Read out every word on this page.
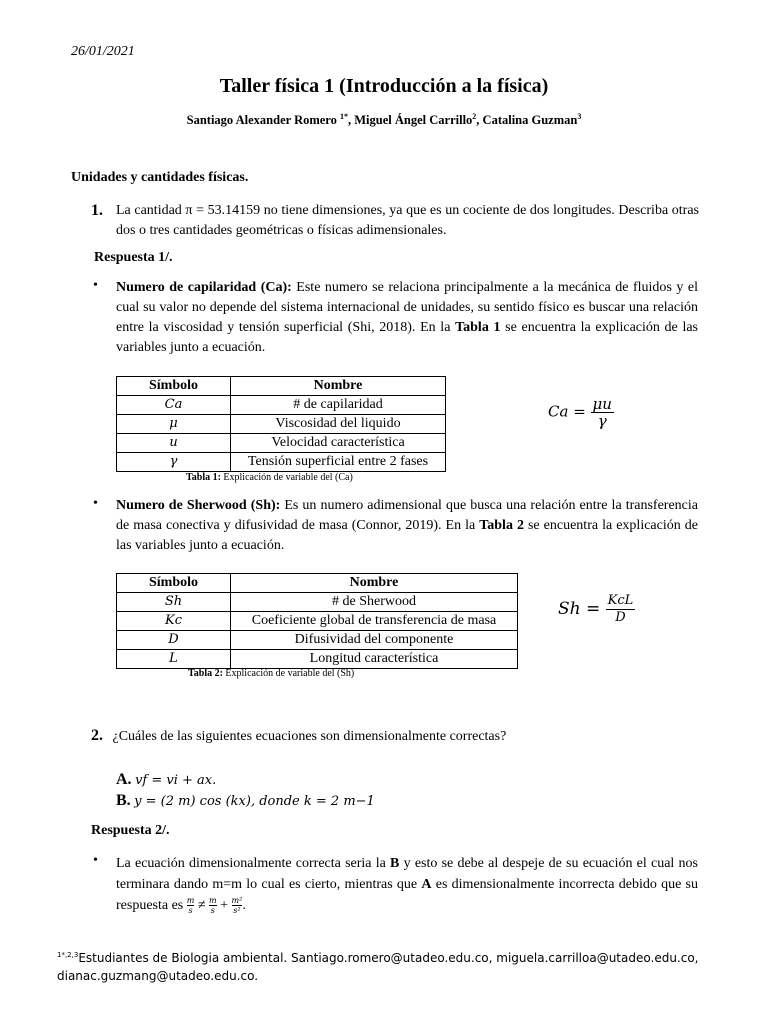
26/01/2021
Taller física 1 (Introducción a la física)
Santiago Alexander Romero $^{1*}$, Miguel Ángel Carrillo$^2$, Catalina Guzman$^3$
Unidades y cantidades físicas.
1. La cantidad π = 53.14159 no tiene dimensiones, ya que es un cociente de dos longitudes. Describa otras dos o tres cantidades geométricas o físicas adimensionales.
Respuesta 1/.
• Numero de capilaridad (Ca): Este numero se relaciona principalmente a la mecánica de fluidos y el cual su valor no depende del sistema internacional de unidades, su sentido físico es buscar una relación entre la viscosidad y tensión superficial (Shi, 2018). En la Tabla 1 se encuentra la explicación de las variables junto a ecuación.
Símbolo	Nombre
Ca	# de capilaridad
μ	Viscosidad del liquido
u	Velocidad característica
γ	Tensión superficial entre 2 fases
Tabla 1: Explicación de variable del (Ca)
$Ca = \frac{\mu u}{\gamma}$
• Numero de Sherwood (Sh): Es un numero adimensional que busca una relación entre la transferencia de masa conectiva y difusividad de masa (Connor, 2019). En la Tabla 2 se encuentra la explicación de las variables junto a ecuación.
Símbolo	Nombre
Sh	# de Sherwood
Kc	Coeficiente global de transferencia de masa
D	Difusividad del componente
L	Longitud característica
Tabla 2: Explicación de variable del (Sh)
$Sh = \frac{\text{KcL}}{D}$
2. ¿Cuáles de las siguientes ecuaciones son dimensionalmente correctas?
A. vf = vi + ax.
B. y = (2 m) cos (kx), donde k = 2 m−1
Respuesta 2/.
• La ecuación dimensionalmente correcta seria la B y esto se debe al despeje de su ecuación el cual nos terminara dando m=m lo cual es cierto, mientras que A es dimensionalmente incorrecta debido que su respuesta es $\frac{m}{s} \ne \frac{m}{s} + \frac{\text{m²}}{\text{s²}}$ .
$^{1*,2,3}$Estudiantes de Biologia ambiental. Santiago.romero@utadeo.edu.co, miguela.carrilloa@utadeo.edu.co,
dianac.guzmang@utadeo.edu.co.
